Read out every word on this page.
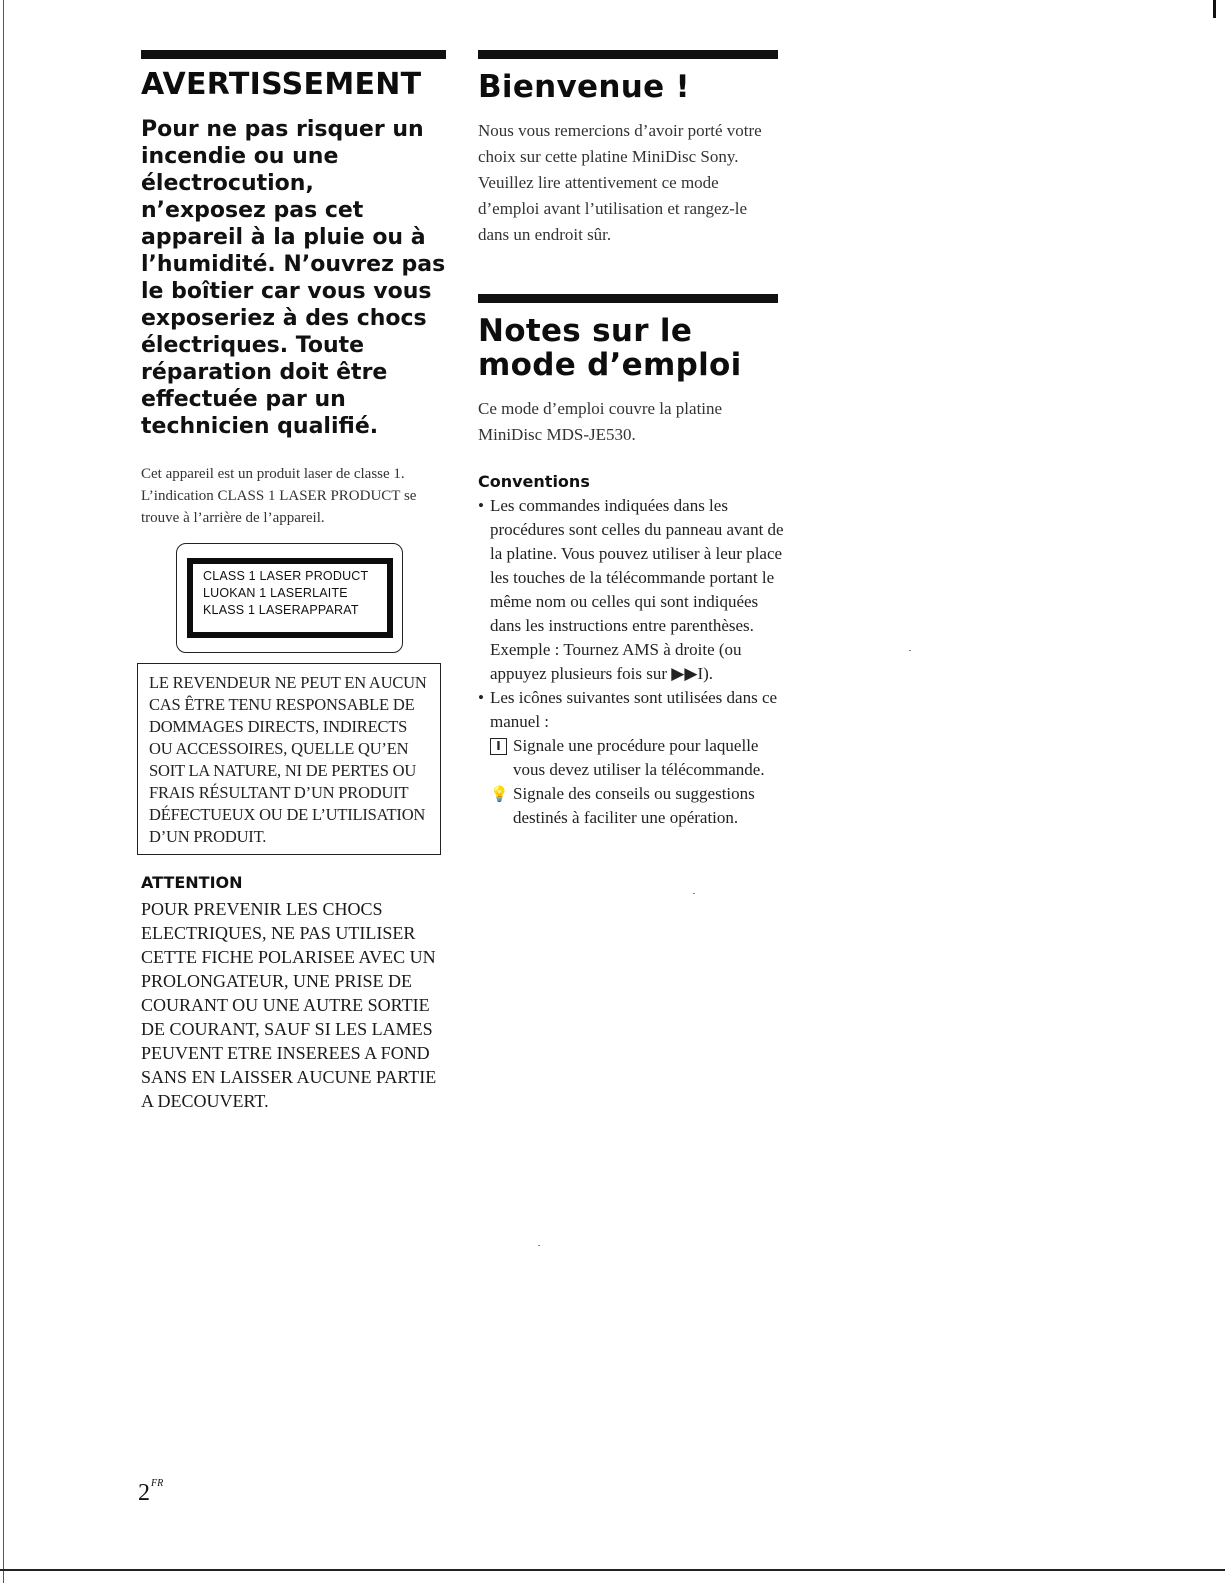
AVERTISSEMENT
Pour ne pas risquer un incendie ou une électrocution, n’exposez pas cet appareil à la pluie ou à l’humidité. N’ouvrez pas le boîtier car vous vous exposeriez à des chocs électriques. Toute réparation doit être effectuée par un technicien qualifié.

Cet appareil est un produit laser de classe 1.

L’indication CLASS 1 LASER PRODUCT se trouve à l’arrière de l’appareil.

CLASS 1 LASER PRODUCT
LUOKAN 1 LASERLAITE
KLASS 1 LASERAPPARAT
LE REVENDEUR NE PEUT EN AUCUN CAS ÊTRE TENU RESPONSABLE DE DOMMAGES DIRECTS, INDIRECTS OU ACCESSOIRES, QUELLE QU’EN SOIT LA NATURE, NI DE PERTES OU FRAIS RÉSULTANT D’UN PRODUIT DÉFECTUEUX OU DE L’UTILISATION D’UN PRODUIT.
ATTENTION
POUR PREVENIR LES CHOCS ELECTRIQUES, NE PAS UTILISER CETTE FICHE POLARISEE AVEC UN PROLONGATEUR, UNE PRISE DE COURANT OU UNE AUTRE SORTIE DE COURANT, SAUF SI LES LAMES PEUVENT ETRE INSEREES A FOND SANS EN LAISSER AUCUNE PARTIE A DECOUVERT.
Bienvenue !
Nous vous remercions d’avoir porté votre choix sur cette platine MiniDisc Sony. Veuillez lire attentivement ce mode d’emploi avant l’utilisation et rangez-le dans un endroit sûr.
Notes sur le mode d’emploi
Ce mode d’emploi couvre la platine MiniDisc MDS-JE530.
Conventions
• Les commandes indiquées dans les procédures sont celles du panneau avant de la platine. Vous pouvez utiliser à leur place les touches de la télécommande portant le même nom ou celles qui sont indiquées dans les instructions entre parenthèses.

Exemple : Tournez AMS à droite (ou appuyez plusieurs fois sur ▶▶I).

• Les icônes suivantes sont utilisées dans ce manuel :

I Signale une procédure pour laquelle vous devez utiliser la télécommande.
💡 Signale des conseils ou suggestions destinés à faciliter une opération.
$2^{FR}$
